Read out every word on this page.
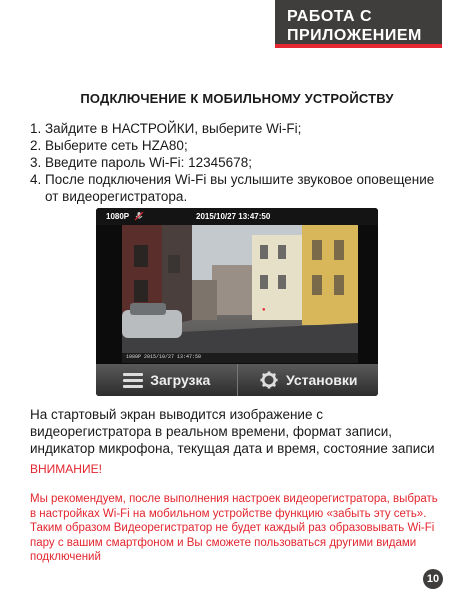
РАБОТА С
ПРИЛОЖЕНИЕМ
ПОДКЛЮЧЕНИЕ К МОБИЛЬНОМУ УСТРОЙСТВУ
1. Зайдите в НАСТРОЙКИ, выберите Wi-Fi;
2. Выберите сеть HZA80;
3. Введите пароль Wi-Fi: 12345678;
4. После подключения Wi-Fi вы услышите звуковое оповещение
от видеорегистратора.
1080P	2015/10/27 13:47:50
●
1080P 2015/10/27 13:47:50
Загрузка	Установки
На стартовый экран выводится изображение с видеорегистратора в реальном времени, формат записи, индикатор микрофона, текущая дата и время, состояние записи
ВНИМАНИЕ!
Мы рекомендуем, после выполнения настроек видеорегистратора, выбрать в настройках Wi-Fi на мобильном устройстве функцию «забыть эту сеть». Таким образом Видеорегистратор не будет каждый раз образовывать Wi-Fi пару с вашим смартфоном и Вы сможете пользоваться другими видами подключений
10
